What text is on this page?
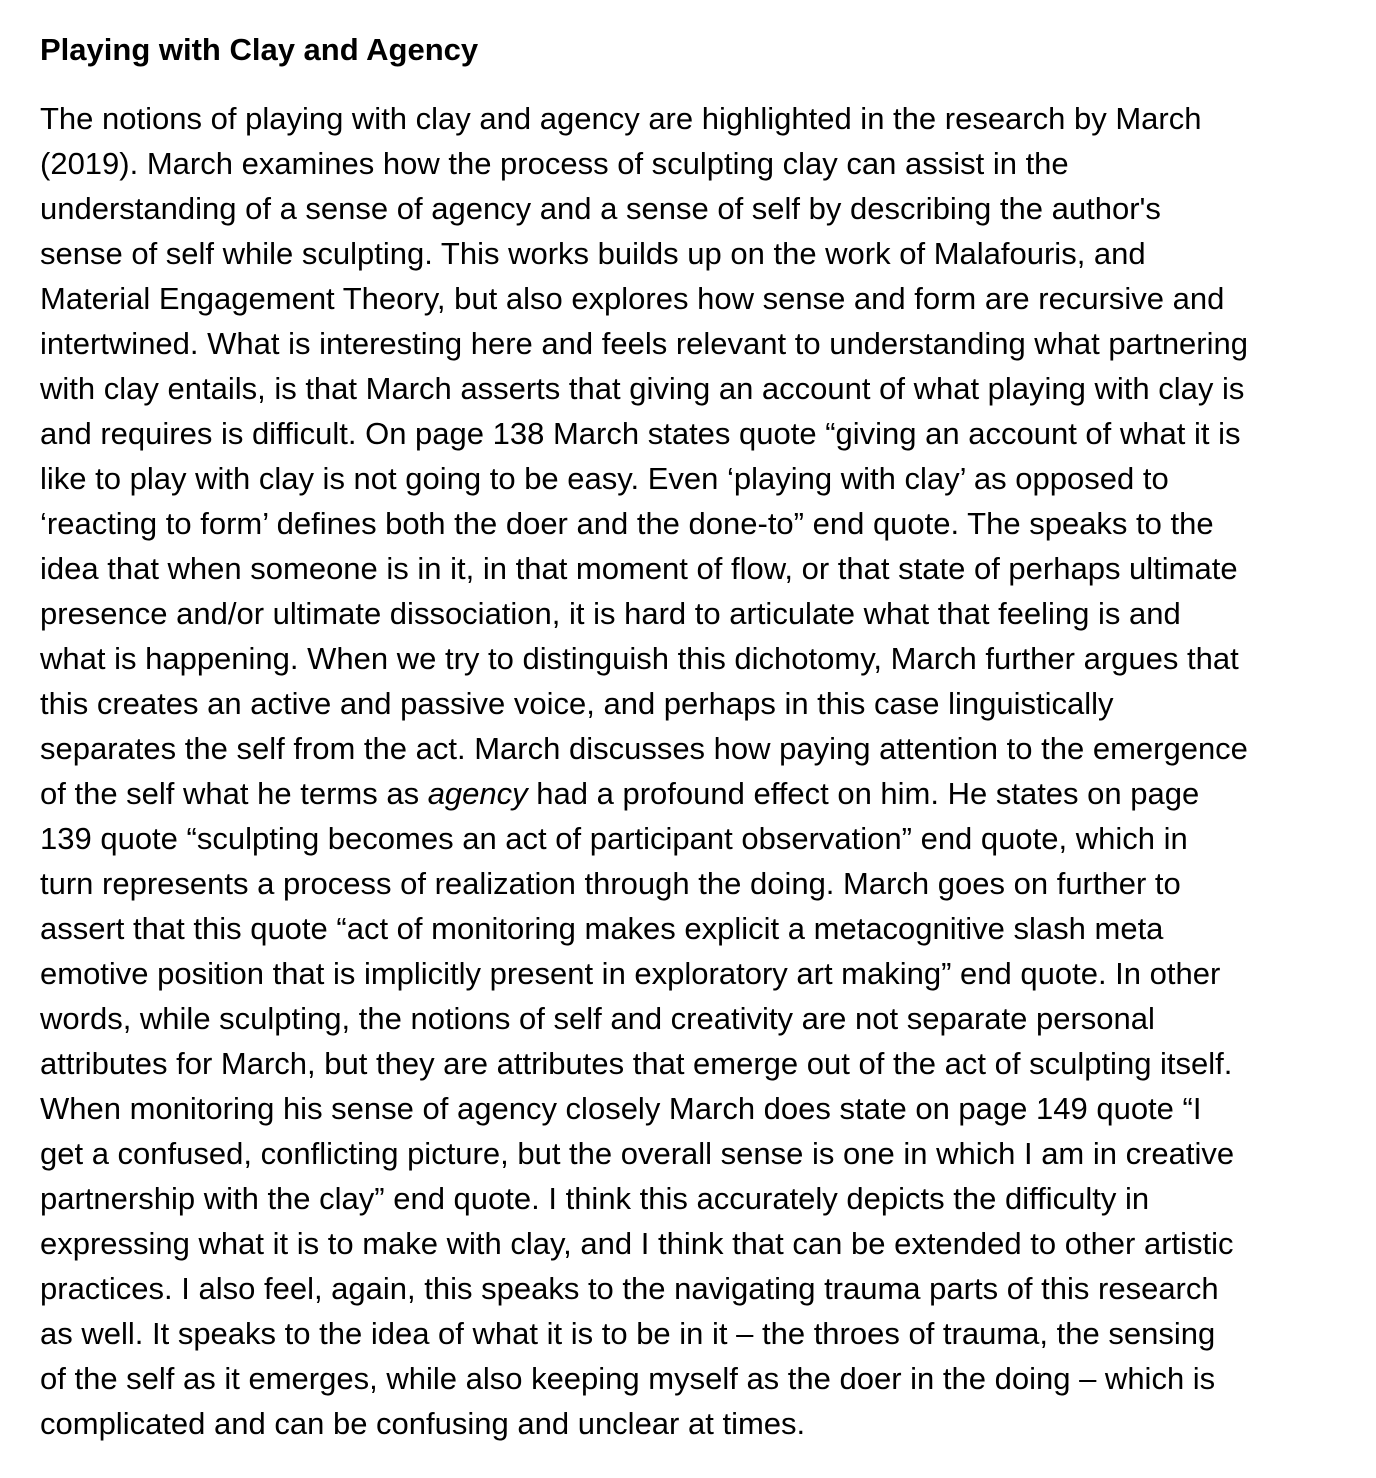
Playing with Clay and Agency

The notions of playing with clay and agency are highlighted in the research by March
(2019). March examines how the process of sculpting clay can assist in the
understanding of a sense of agency and a sense of self by describing the author's
sense of self while sculpting. This works builds up on the work of Malafouris, and
Material Engagement Theory, but also explores how sense and form are recursive and
intertwined. What is interesting here and feels relevant to understanding what partnering
with clay entails, is that March asserts that giving an account of what playing with clay is
and requires is difficult. On page 138 March states quote “giving an account of what it is
like to play with clay is not going to be easy. Even ‘playing with clay’ as opposed to
‘reacting to form’ defines both the doer and the done-to” end quote. The speaks to the
idea that when someone is in it, in that moment of flow, or that state of perhaps ultimate
presence and/or ultimate dissociation, it is hard to articulate what that feeling is and
what is happening. When we try to distinguish this dichotomy, March further argues that
this creates an active and passive voice, and perhaps in this case linguistically
separates the self from the act. March discusses how paying attention to the emergence
of the self what he terms as agency had a profound effect on him. He states on page
139 quote “sculpting becomes an act of participant observation” end quote, which in
turn represents a process of realization through the doing. March goes on further to
assert that this quote “act of monitoring makes explicit a metacognitive slash meta
emotive position that is implicitly present in exploratory art making” end quote. In other
words, while sculpting, the notions of self and creativity are not separate personal
attributes for March, but they are attributes that emerge out of the act of sculpting itself.
When monitoring his sense of agency closely March does state on page 149 quote “I
get a confused, conflicting picture, but the overall sense is one in which I am in creative
partnership with the clay” end quote. I think this accurately depicts the difficulty in
expressing what it is to make with clay, and I think that can be extended to other artistic
practices. I also feel, again, this speaks to the navigating trauma parts of this research
as well. It speaks to the idea of what it is to be in it – the throes of trauma, the sensing
of the self as it emerges, while also keeping myself as the doer in the doing – which is
complicated and can be confusing and unclear at times.
